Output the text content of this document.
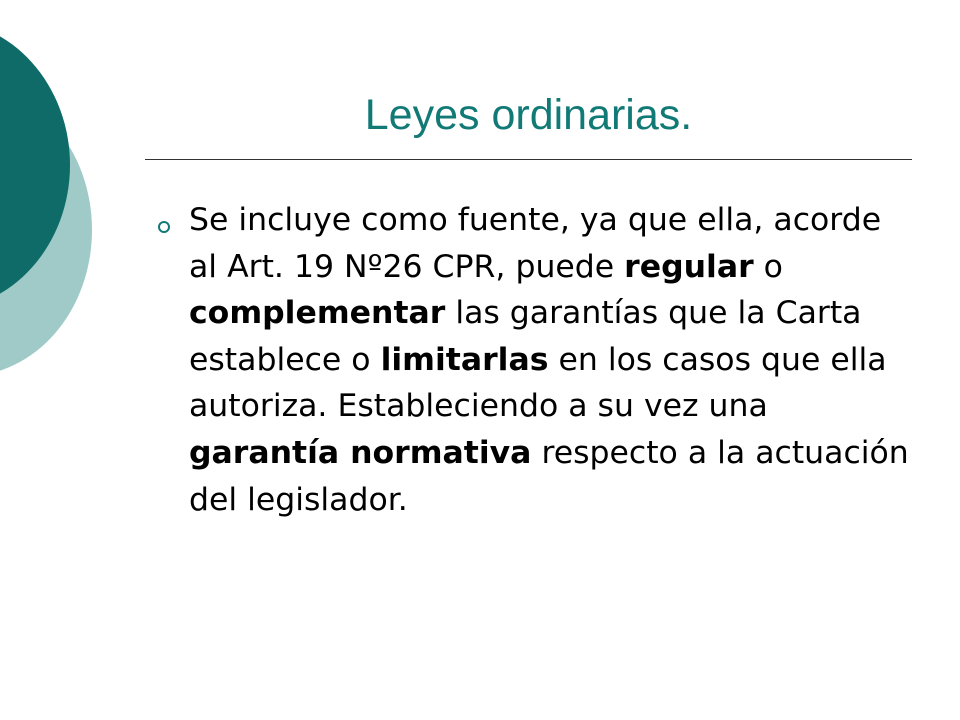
Leyes ordinarias.

Se incluye como fuente, ya que ella, acorde al Art. 19 Nº26 CPR, puede regular o complementar las garantías que la Carta establece o limitarlas en los casos que ella autoriza. Estableciendo a su vez una garantía normativa respecto a la actuación del legislador.
